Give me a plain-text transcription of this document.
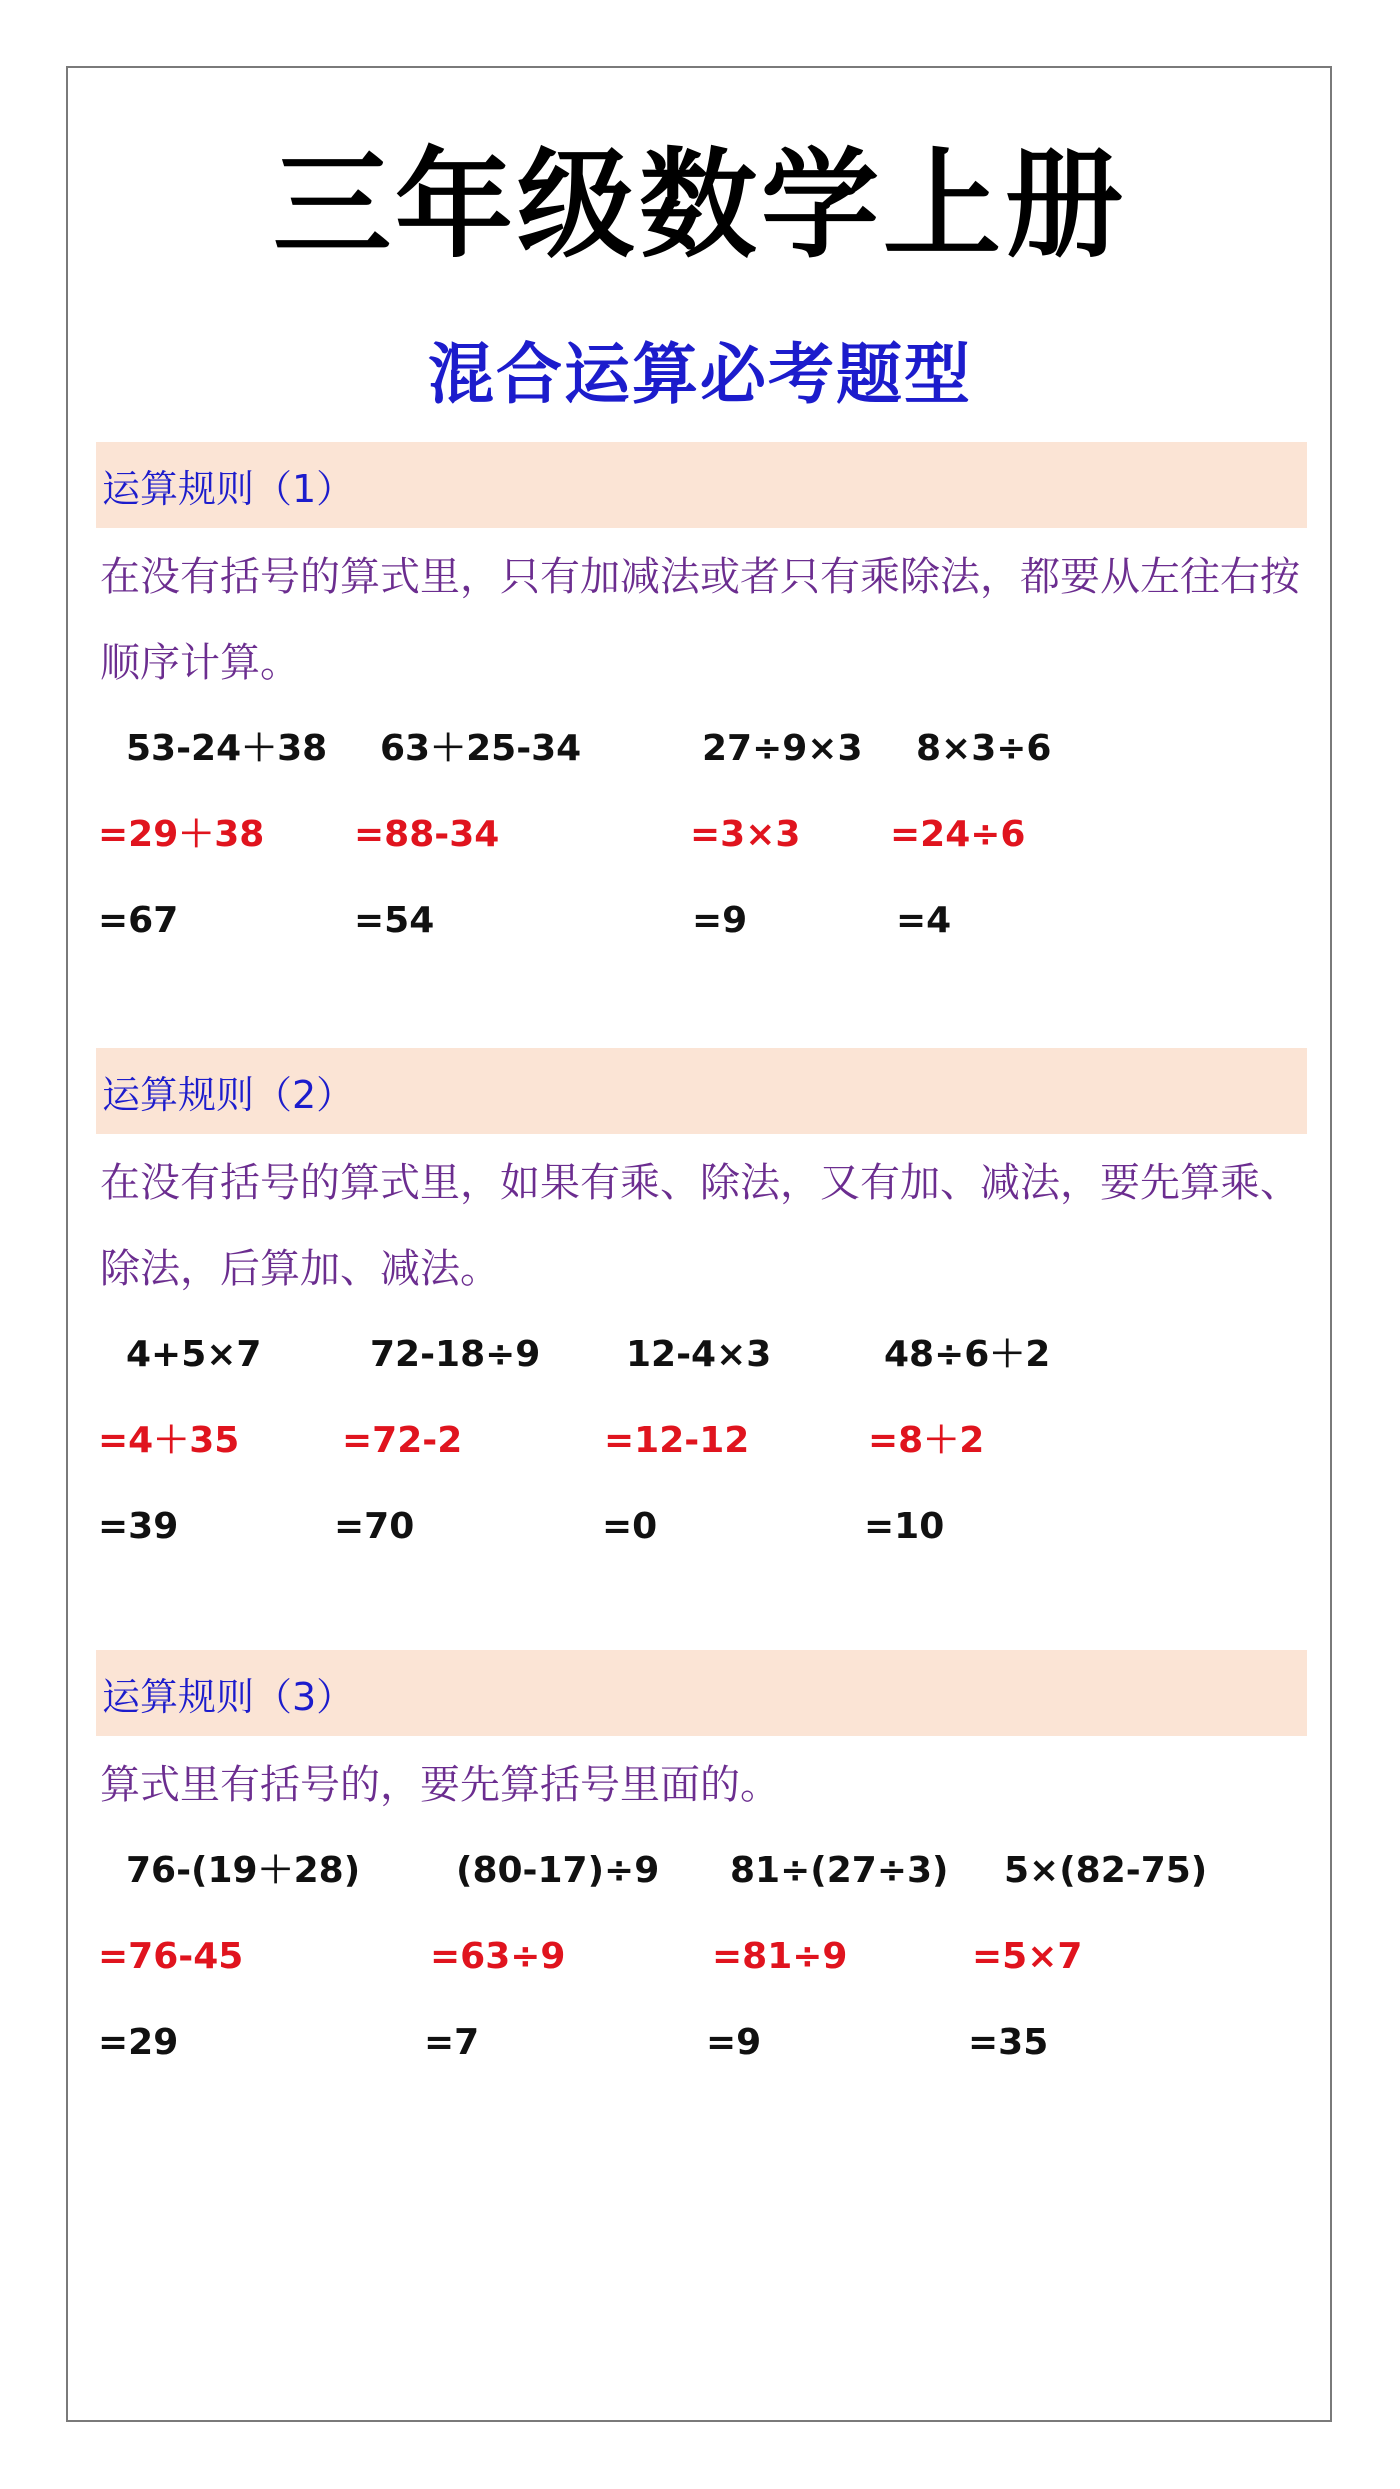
三年级数学上册
混合运算必考题型
运算规则（1）
在没有括号的算式里，只有加减法或者只有乘除法，都要从左往右按顺序计算。
53-24＋38 63＋25-34	27÷9×3 8×3÷6
=29＋38 =88-34	=3×3 =24÷6
=67	=54	=9	=4
运算规则（2）
在没有括号的算式里，如果有乘、除法，又有加、减法，要先算乘、除法，后算加、减法。
4+5×7	72-18÷9 12-4×3	48÷6＋2
=4＋35	=72-2	=12-12	=8＋2
=39	=70	=0	=10
运算规则（3）
算式里有括号的，要先算括号里面的。
76-(19＋28)	(80-17)÷9 81÷(27÷3) 5×(82-75)
=76-45	=63÷9	=81÷9	=5×7
=29	=7	=9	=35
